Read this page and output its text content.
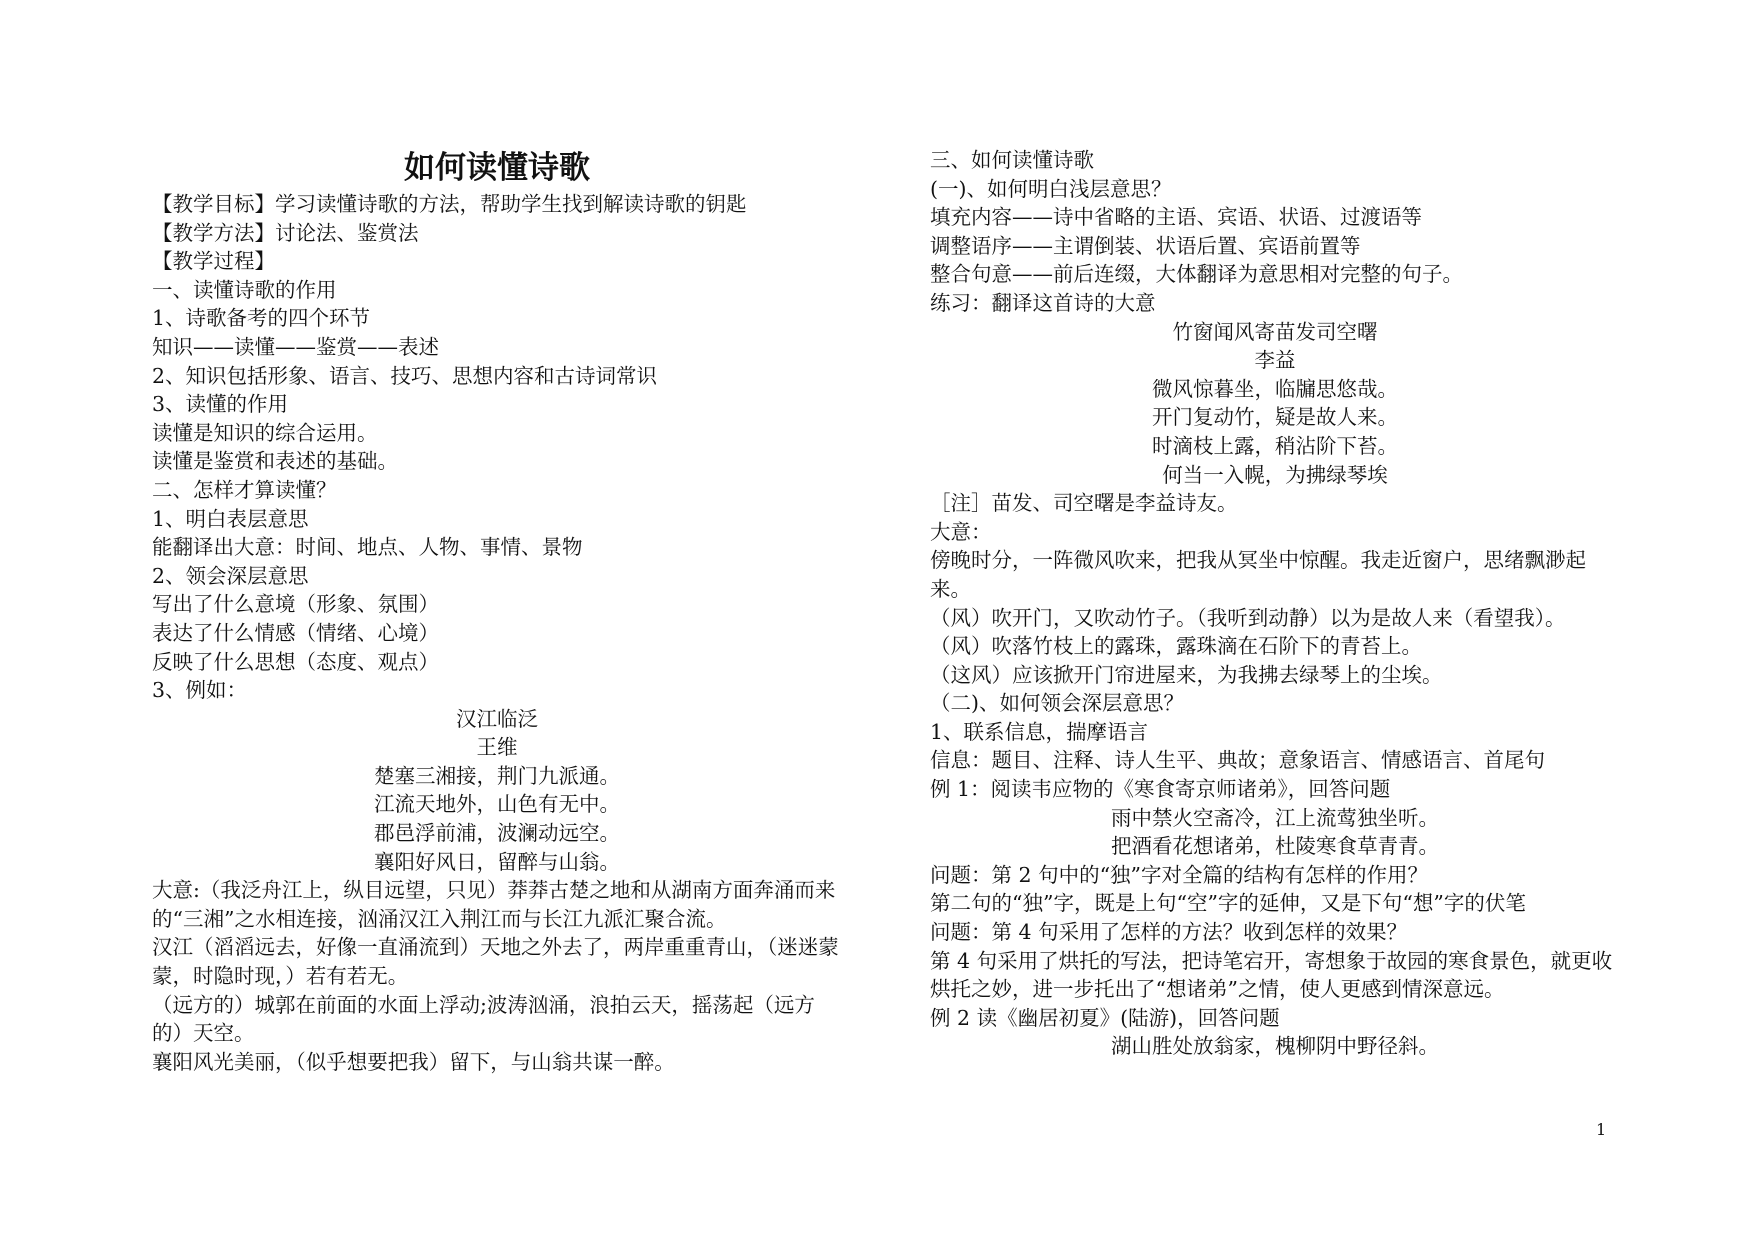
如何读懂诗歌
【教学目标】学习读懂诗歌的方法，帮助学生找到解读诗歌的钥匙
【教学方法】讨论法、鉴赏法
【教学过程】
一、读懂诗歌的作用
1、诗歌备考的四个环节
知识——读懂——鉴赏——表述
2、知识包括形象、语言、技巧、思想内容和古诗词常识
3、读懂的作用
读懂是知识的综合运用。
读懂是鉴赏和表述的基础。
二、怎样才算读懂？
1、明白表层意思
能翻译出大意：时间、地点、人物、事情、景物
2、领会深层意思
写出了什么意境（形象、氛围）
表达了什么情感（情绪、心境）
反映了什么思想（态度、观点）
3、例如：
汉江临泛
王维
楚塞三湘接，荆门九派通。
江流天地外，山色有无中。
郡邑浮前浦，波澜动远空。
襄阳好风日，留醉与山翁。
大意:（我泛舟江上，纵目远望，只见）莽莽古楚之地和从湖南方面奔涌而来的“三湘”之水相连接，汹涌汉江入荆江而与长江九派汇聚合流。
汉江（滔滔远去，好像一直涌流到）天地之外去了，两岸重重青山，（迷迷蒙蒙，时隐时现，）若有若无。
（远方的）城郭在前面的水面上浮动;波涛汹涌，浪拍云天，摇荡起（远方的）天空。
襄阳风光美丽，（似乎想要把我）留下，与山翁共谋一醉。
三、如何读懂诗歌
(一)、如何明白浅层意思？
填充内容——诗中省略的主语、宾语、状语、过渡语等
调整语序——主谓倒装、状语后置、宾语前置等
整合句意——前后连缀，大体翻译为意思相对完整的句子。
练习：翻译这首诗的大意
竹窗闻风寄苗发司空曙
李益
微风惊暮坐，临牖思悠哉。
开门复动竹，疑是故人来。
时滴枝上露，稍沾阶下苔。
何当一入幌，为拂绿琴埃
［注］苗发、司空曙是李益诗友。
大意：
傍晚时分，一阵微风吹来，把我从冥坐中惊醒。我走近窗户，思绪飘渺起来。
（风）吹开门，又吹动竹子。（我听到动静）以为是故人来（看望我）。
（风）吹落竹枝上的露珠，露珠滴在石阶下的青苔上。
（这风）应该掀开门帘进屋来，为我拂去绿琴上的尘埃。
（二)、如何领会深层意思？
1、联系信息，揣摩语言
信息：题目、注释、诗人生平、典故；意象语言、情感语言、首尾句
例 1：阅读韦应物的《寒食寄京师诸弟》，回答问题
雨中禁火空斋冷，江上流莺独坐听。
把酒看花想诸弟，杜陵寒食草青青。
问题：第 2 句中的“独”字对全篇的结构有怎样的作用？
第二句的“独”字，既是上句“空”字的延伸，又是下句“想”字的伏笔
问题：第 4 句采用了怎样的方法？收到怎样的效果？
第 4 句采用了烘托的写法，把诗笔宕开，寄想象于故园的寒食景色，就更收烘托之妙，进一步托出了“想诸弟”之情，使人更感到情深意远。
例 2 读《幽居初夏》(陆游)，回答问题
湖山胜处放翁家，槐柳阴中野径斜。
1
